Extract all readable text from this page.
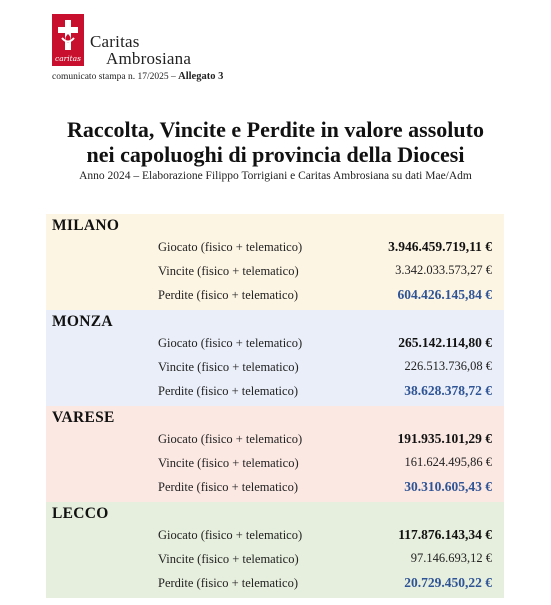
caritas
Caritas
Ambrosiana
comunicato stampa n. 17/2025 – Allegato 3
Raccolta, Vincite e Perdite in valore assoluto
nei capoluoghi di provincia della Diocesi
Anno 2024 – Elaborazione Filippo Torrigiani e Caritas Ambrosiana su dati Mae/Adm
MILANO
Giocato (fisico + telematico)	3.946.459.719,11 €
Vincite (fisico + telematico)	3.342.033.573,27 €
Perdite (fisico + telematico)	604.426.145,84 €
MONZA
Giocato (fisico + telematico)	265.142.114,80 €
Vincite (fisico + telematico)	226.513.736,08 €
Perdite (fisico + telematico)	38.628.378,72 €
VARESE
Giocato (fisico + telematico)	191.935.101,29 €
Vincite (fisico + telematico)	161.624.495,86 €
Perdite (fisico + telematico)	30.310.605,43 €
LECCO
Giocato (fisico + telematico)	117.876.143,34 €
Vincite (fisico + telematico)	97.146.693,12 €
Perdite (fisico + telematico)	20.729.450,22 €
